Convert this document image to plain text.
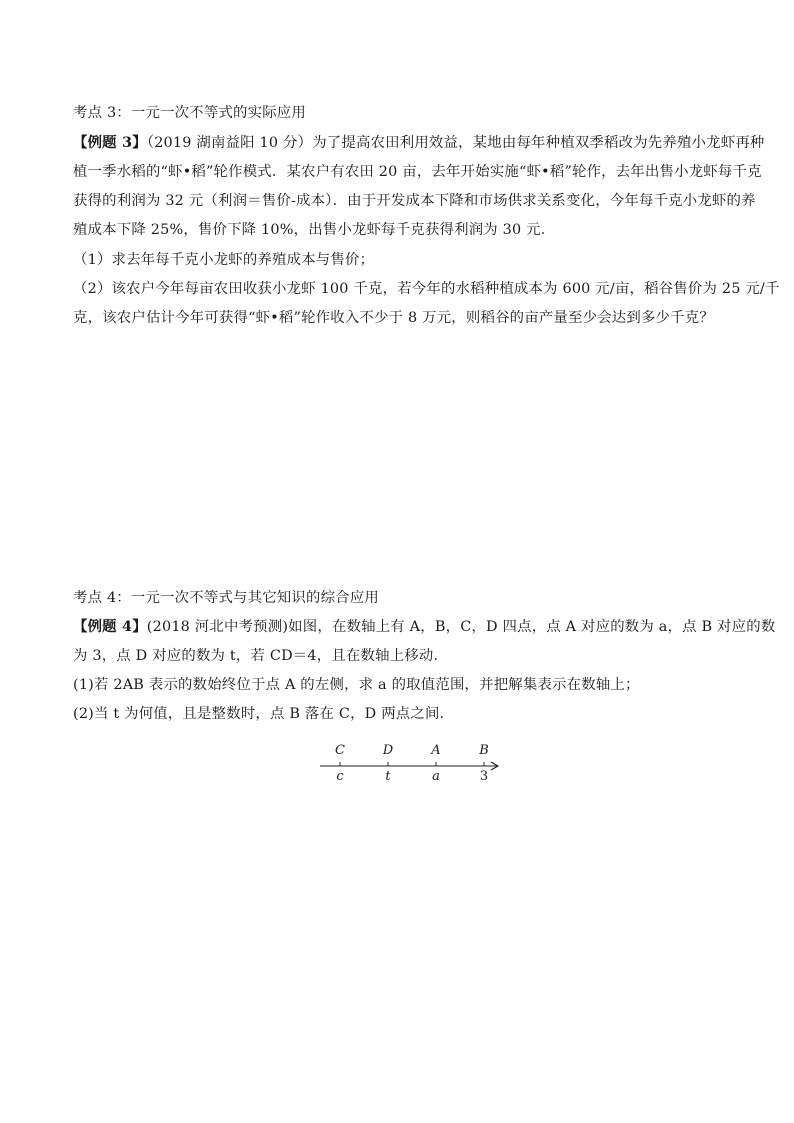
考点 3：一元一次不等式的实际应用
【例题 3】（2019 湖南益阳 10 分）为了提高农田利用效益，某地由每年种植双季稻改为先养殖小龙虾再种
植一季水稻的“虾•稻”轮作模式．某农户有农田 20 亩，去年开始实施“虾•稻”轮作，去年出售小龙虾每千克
获得的利润为 32 元（利润＝售价-成本）．由于开发成本下降和市场供求关系变化，今年每千克小龙虾的养
殖成本下降 25%，售价下降 10%，出售小龙虾每千克获得利润为 30 元．
（1）求去年每千克小龙虾的养殖成本与售价；
（2）该农户今年每亩农田收获小龙虾 100 千克，若今年的水稻种植成本为 600 元/亩，稻谷售价为 25 元/千
克，该农户估计今年可获得“虾•稻”轮作收入不少于 8 万元，则稻谷的亩产量至少会达到多少千克？
考点 4：一元一次不等式与其它知识的综合应用
【例题 4】(2018 河北中考预测)如图，在数轴上有 A，B，C，D 四点，点 A 对应的数为 a，点 B 对应的数
为 3，点 D 对应的数为 t，若 CD＝4，且在数轴上移动．
(1)若 2AB 表示的数始终位于点 A 的左侧，求 a 的取值范围，并把解集表示在数轴上；
(2)当 t 为何值，且是整数时，点 B 落在 C，D 两点之间．
C	D	A	B
c	t	a	3
